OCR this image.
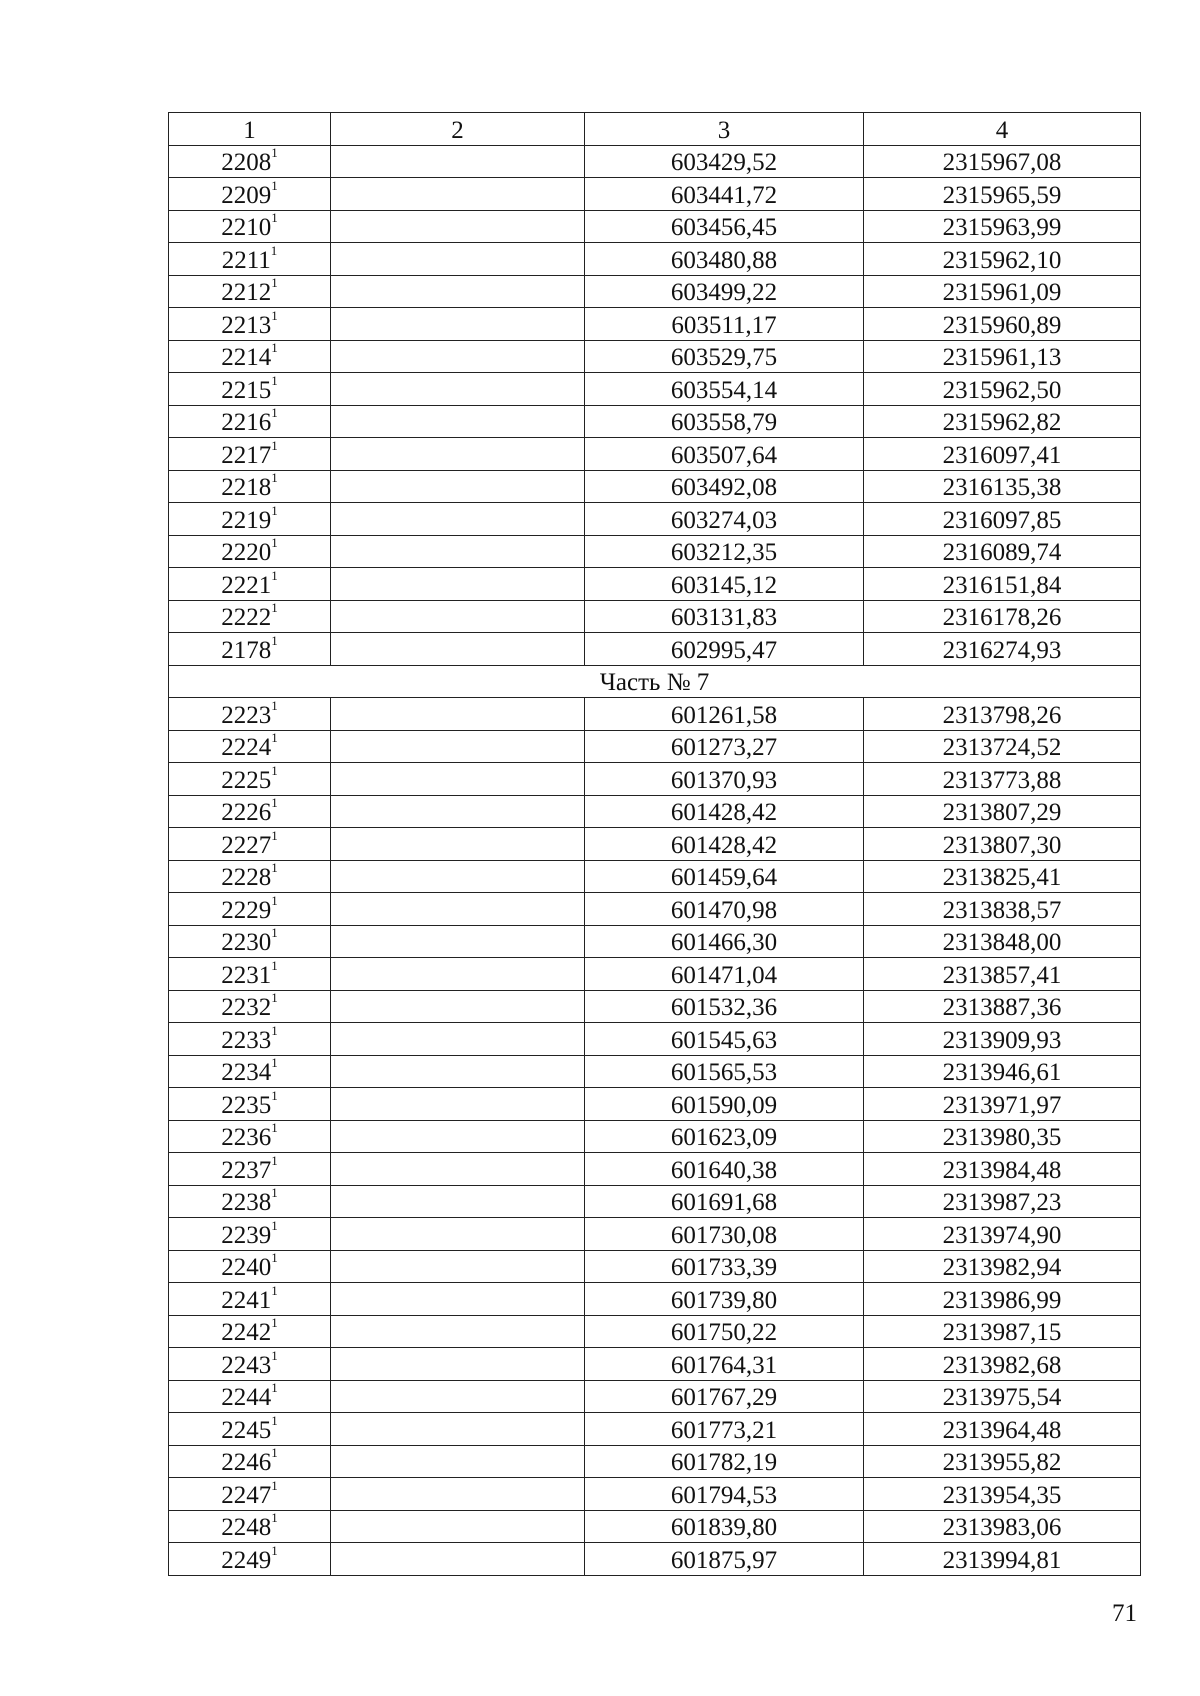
1	2	3	4
2208$^1$		603429,52	2315967,08
2209$^1$		603441,72	2315965,59
2210$^1$		603456,45	2315963,99
2211$^1$		603480,88	2315962,10
2212$^1$		603499,22	2315961,09
2213$^1$		603511,17	2315960,89
2214$^1$		603529,75	2315961,13
2215$^1$		603554,14	2315962,50
2216$^1$		603558,79	2315962,82
2217$^1$		603507,64	2316097,41
2218$^1$		603492,08	2316135,38
2219$^1$		603274,03	2316097,85
2220$^1$		603212,35	2316089,74
2221$^1$		603145,12	2316151,84
2222$^1$		603131,83	2316178,26
2178$^1$		602995,47	2316274,93
Часть № 7			
2223$^1$		601261,58	2313798,26
2224$^1$		601273,27	2313724,52
2225$^1$		601370,93	2313773,88
2226$^1$		601428,42	2313807,29
2227$^1$		601428,42	2313807,30
2228$^1$		601459,64	2313825,41
2229$^1$		601470,98	2313838,57
2230$^1$		601466,30	2313848,00
2231$^1$		601471,04	2313857,41
2232$^1$		601532,36	2313887,36
2233$^1$		601545,63	2313909,93
2234$^1$		601565,53	2313946,61
2235$^1$		601590,09	2313971,97
2236$^1$		601623,09	2313980,35
2237$^1$		601640,38	2313984,48
2238$^1$		601691,68	2313987,23
2239$^1$		601730,08	2313974,90
2240$^1$		601733,39	2313982,94
2241$^1$		601739,80	2313986,99
2242$^1$		601750,22	2313987,15
2243$^1$		601764,31	2313982,68
2244$^1$		601767,29	2313975,54
2245$^1$		601773,21	2313964,48
2246$^1$		601782,19	2313955,82
2247$^1$		601794,53	2313954,35
2248$^1$		601839,80	2313983,06
2249$^1$		601875,97	2313994,81
71
